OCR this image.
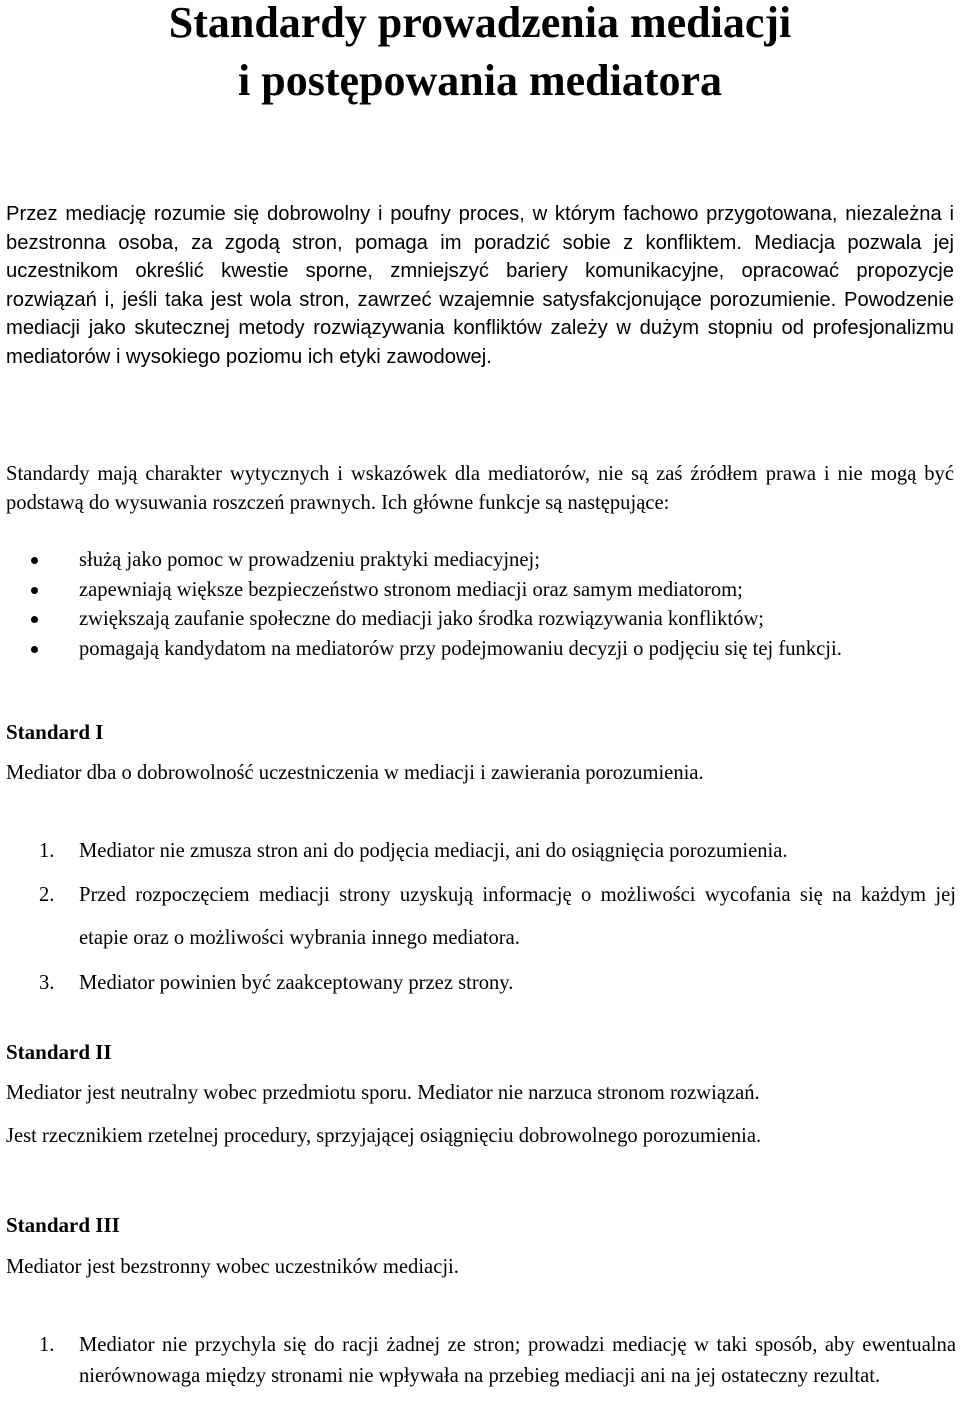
Standardy prowadzenia mediacji
i postępowania mediatora

Przez mediację rozumie się dobrowolny i poufny proces, w którym fachowo przygotowana, niezależna i bezstronna osoba, za zgodą stron, pomaga im poradzić sobie z konfliktem. Mediacja pozwala jej uczestnikom określić kwestie sporne, zmniejszyć bariery komunikacyjne, opracować propozycje rozwiązań i, jeśli taka jest wola stron, zawrzeć wzajemnie satysfakcjonujące porozumienie. Powodzenie mediacji jako skutecznej metody rozwiązywania konfliktów zależy w dużym stopniu od profesjonalizmu mediatorów i wysokiego poziomu ich etyki zawodowej.

Standardy mają charakter wytycznych i wskazówek dla mediatorów, nie są zaś źródłem prawa i nie mogą być podstawą do wysuwania roszczeń prawnych. Ich główne funkcje są następujące:

służą jako pomoc w prowadzeniu praktyki mediacyjnej;
zapewniają większe bezpieczeństwo stronom mediacji oraz samym mediatorom;
zwiększają zaufanie społeczne do mediacji jako środka rozwiązywania konfliktów;
pomagają kandydatom na mediatorów przy podejmowaniu decyzji o podjęciu się tej funkcji.
Standard I

Mediator dba o dobrowolność uczestniczenia w mediacji i zawierania porozumienia.

1. Mediator nie zmusza stron ani do podjęcia mediacji, ani do osiągnięcia porozumienia.
2. Przed rozpoczęciem mediacji strony uzyskują informację o możliwości wycofania się na każdym jej etapie oraz o możliwości wybrania innego mediatora.
3. Mediator powinien być zaakceptowany przez strony.
Standard II

Mediator jest neutralny wobec przedmiotu sporu. Mediator nie narzuca stronom rozwiązań.

Jest rzecznikiem rzetelnej procedury, sprzyjającej osiągnięciu dobrowolnego porozumienia.

Standard III

Mediator jest bezstronny wobec uczestników mediacji.

1. Mediator nie przychyla się do racji żadnej ze stron; prowadzi mediację w taki sposób, aby ewentualna nierównowaga między stronami nie wpływała na przebieg mediacji ani na jej ostateczny rezultat.
